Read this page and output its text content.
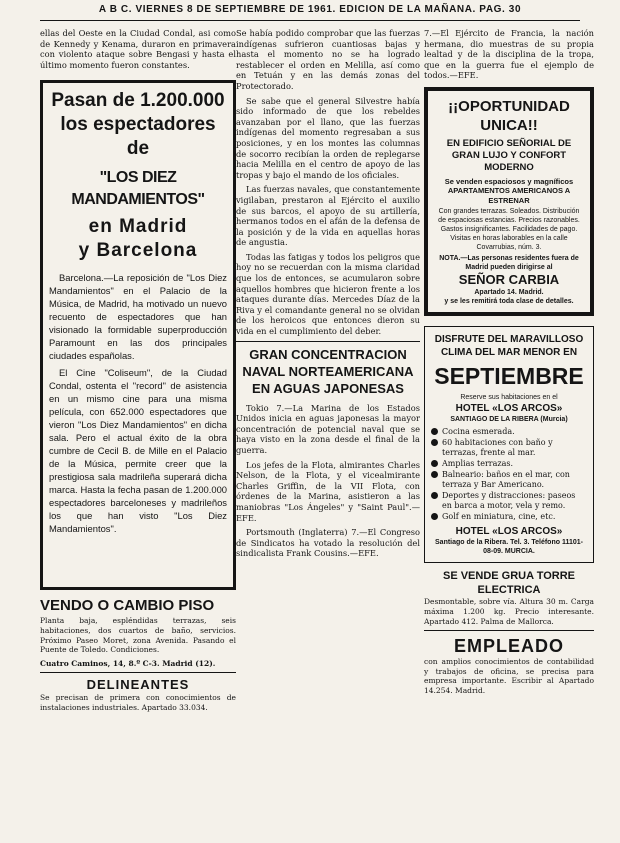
A B C. VIERNES 8 DE SEPTIEMBRE DE 1961. EDICION DE LA MAÑANA. PAG. 30

ellas del Oeste en la Ciudad Condal, asi como de Kennedy y Kenama, duraron en primavera con violento ataque sobre Bengasi y hasta el último momento fueron constantes.

Pasan de 1.200.000
los espectadores de
"LOS DIEZ MANDAMIENTOS"
en Madrid
y Barcelona

Barcelona.—La reposición de "Los Diez Mandamientos" en el Palacio de la Música, de Madrid, ha motivado un nuevo recuento de espectadores que han visionado la formidable superproducción Paramount en las dos principales ciudades españolas.

El Cine "Coliseum", de la Ciudad Condal, ostenta el "record" de asistencia en un mismo cine para una misma película, con 652.000 espectadores que vieron "Los Diez Mandamientos" en dicha sala. Pero el actual éxito de la obra cumbre de Cecil B. de Mille en el Palacio de la Música, permite creer que la prestigiosa sala madrileña superará dicha marca. Hasta la fecha pasan de 1.200.000 espectadores barceloneses y madrileños los que han visto "Los Diez Mandamientos".

VENDO O CAMBIO PISO

Planta baja, espléndidas terrazas, seis habitaciones, dos cuartos de baño, servicios. Próximo Paseo Moret, zona Avenida. Pasando el Puente de Toledo. Condiciones.

Cuatro Caminos, 14, 8.º C-3. Madrid (12).

DELINEANTES

Se precisan de primera con conocimientos de instalaciones industriales. Apartado 33.034.

Se había podido comprobar que las fuerzas indígenas sufrieron cuantiosas bajas y hasta el momento no se ha logrado restablecer el orden en Melilla, así como en Tetuán y en las demás zonas del Protectorado.

Se sabe que el general Silvestre había sido informado de que los rebeldes avanzaban por el llano, que las fuerzas indígenas del momento regresaban a sus posiciones, y en los montes las columnas de socorro recibían la orden de replegarse hacia Melilla en el centro de apoyo de las tropas y bajo el mando de los oficiales.

Las fuerzas navales, que constantemente vigilaban, prestaron al Ejército el auxilio de sus barcos, el apoyo de su artillería, hermanos todos en el afán de la defensa de la posición y de la vida en aquellas horas de angustia.

Todas las fatigas y todos los peligros que hoy no se recuerdan con la misma claridad que los de entonces, se acumularon sobre aquellos hombres que hicieron frente a los ataques durante días. Mercedes Díaz de la Riva y el comandante general no se olvidan de los heroicos que entonces dieron su vida en el cumplimiento del deber.

GRAN CONCENTRACION NAVAL NORTEAMERICANA EN AGUAS JAPONESAS

Tokio 7.—La Marina de los Estados Unidos inicia en aguas japonesas la mayor concentración de potencial naval que se haya visto en la zona desde el final de la guerra.

Los jefes de la Flota, almirantes Charles Nelson, de la Flota, y el vicealmirante Charles Griffin, de la VII Flota, con órdenes de la Marina, asistieron a las maniobras "Los Ángeles" y "Saint Paul".—EFE.

Portsmouth (Inglaterra) 7.—El Congreso de Sindicatos ha votado la resolución del sindicalista Frank Cousins.—EFE.

7.—El Ejército de Francia, la nación hermana, dio muestras de su propia lealtad y de la disciplina de la tropa, que en la guerra fue el ejemplo de todos.—EFE.

¡¡OPORTUNIDAD
UNICA!!
EN EDIFICIO SEÑORIAL DE GRAN LUJO Y CONFORT MODERNO
Se venden espaciosos y magníficos APARTAMENTOS AMERICANOS A ESTRENAR
Con grandes terrazas. Soleados. Distribución de espaciosas estancias. Precios razonables. Gastos insignificantes. Facilidades de pago. Visitas en horas laborables en la calle Covarrubias, núm. 3.
NOTA.—Las personas residentes fuera de Madrid pueden dirigirse al
SEÑOR CARBIA
Apartado 14. Madrid.
y se les remitirá toda clase de detalles.
DISFRUTE DEL MARAVILLOSO CLIMA DEL MAR MENOR EN
SEPTIEMBRE
Reserve sus habitaciones en el
HOTEL «LOS ARCOS»
SANTIAGO DE LA RIBERA (Murcia)
Cocina esmerada.
60 habitaciones con baño y terrazas, frente al mar.
Amplias terrazas.
Balneario: baños en el mar, con terraza y Bar Americano.
Deportes y distracciones: paseos en barca a motor, vela y remo.
Golf en miniatura, cine, etc.
HOTEL «LOS ARCOS»
Santiago de la Ribera. Tel. 3. Teléfono 11101-08-09. MURCIA.
SE VENDE GRUA TORRE ELECTRICA

Desmontable, sobre vía. Altura 30 m. Carga máxima 1.200 kg. Precio interesante. Apartado 412. Palma de Mallorca.

EMPLEADO

con amplios conocimientos de contabilidad y trabajos de oficina, se precisa para empresa importante. Escribir al Apartado 14.254. Madrid.
